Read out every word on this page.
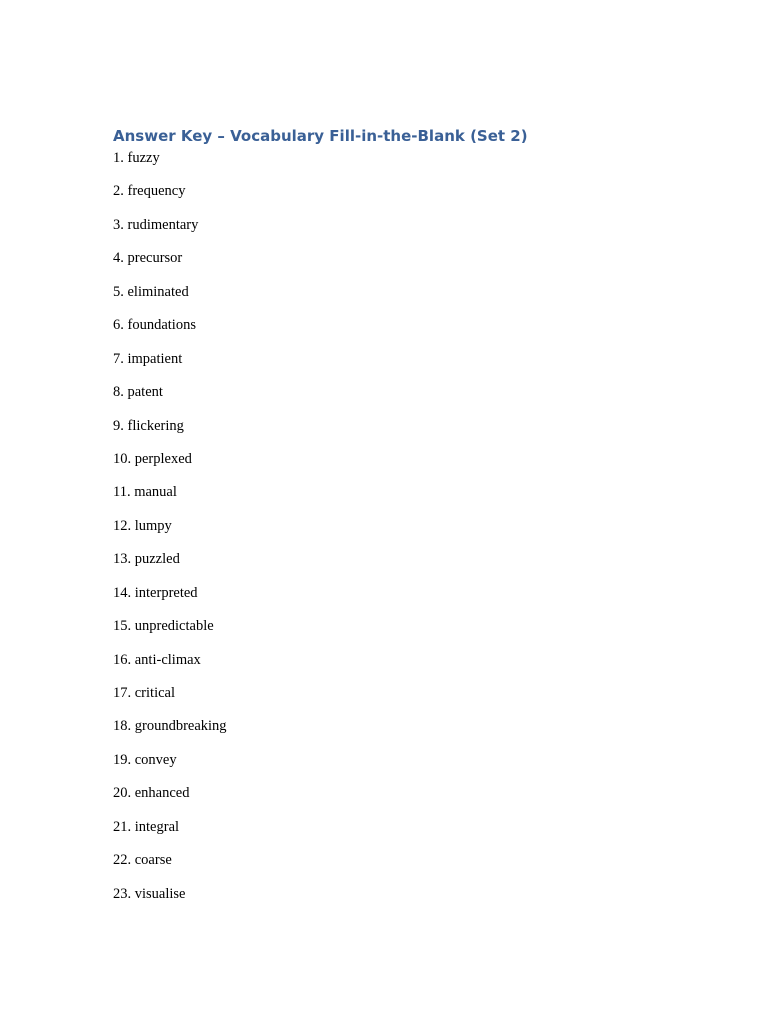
Answer Key – Vocabulary Fill-in-the-Blank (Set 2)
1. fuzzy
2. frequency
3. rudimentary
4. precursor
5. eliminated
6. foundations
7. impatient
8. patent
9. flickering
10. perplexed
11. manual
12. lumpy
13. puzzled
14. interpreted
15. unpredictable
16. anti-climax
17. critical
18. groundbreaking
19. convey
20. enhanced
21. integral
22. coarse
23. visualise
